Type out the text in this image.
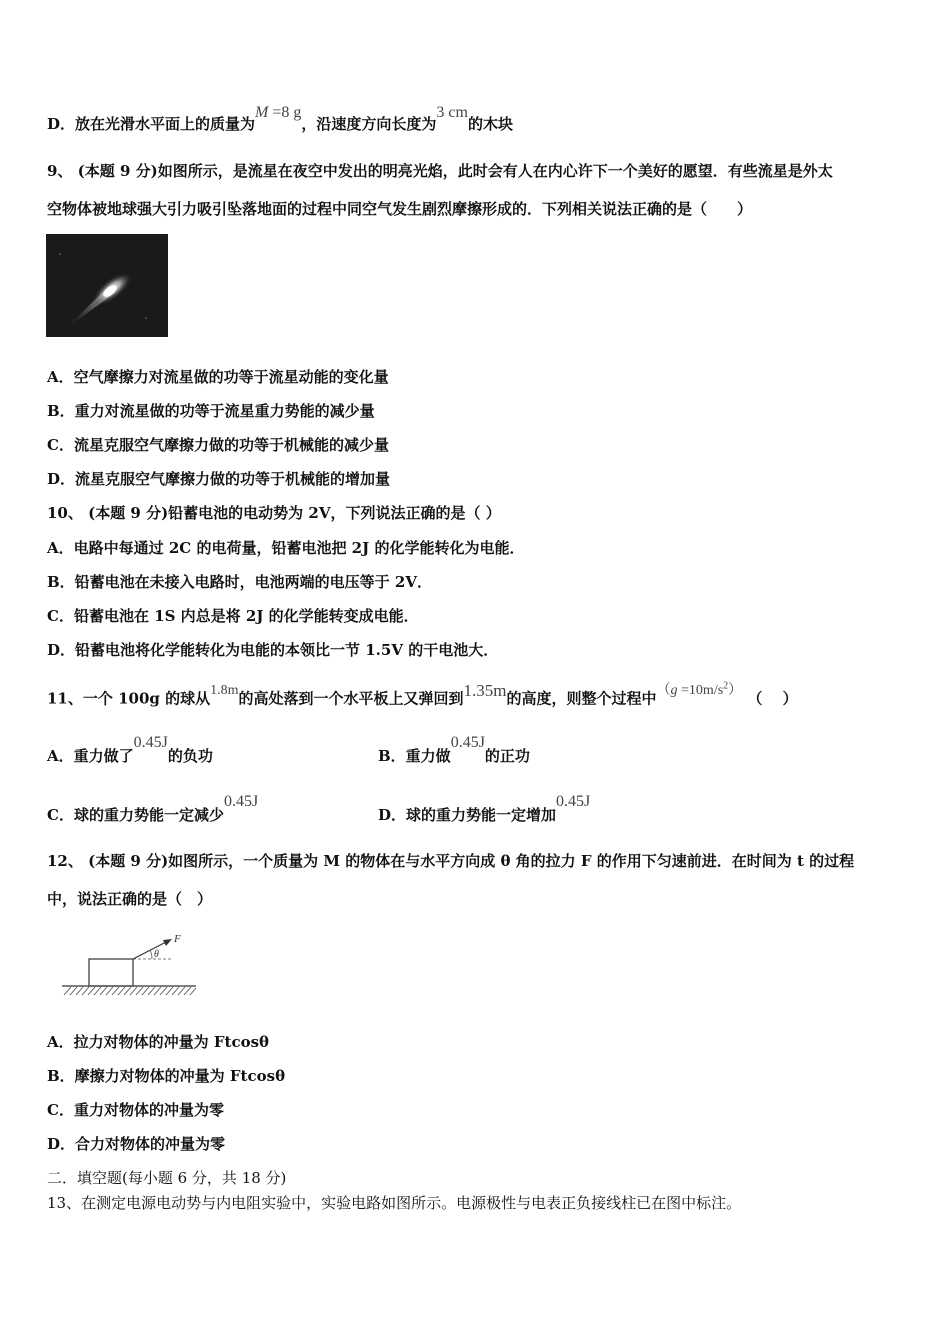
D．放在光滑水平面上的质量为M =8 g，沿速度方向长度为3 cm的木块
9、 (本题 9 分)如图所示，是流星在夜空中发出的明亮光焰，此时会有人在内心许下一个美好的愿望．有些流星是外太
空物体被地球强大引力吸引坠落地面的过程中同空气发生剧烈摩擦形成的．下列相关说法正确的是（　　）
A．空气摩擦力对流星做的功等于流星动能的变化量
B．重力对流星做的功等于流星重力势能的减少量
C．流星克服空气摩擦力做的功等于机械能的减少量
D．流星克服空气摩擦力做的功等于机械能的增加量
10、 (本题 9 分)铅蓄电池的电动势为 2V，下列说法正确的是（ ）
A．电路中每通过 2C 的电荷量，铅蓄电池把 2J 的化学能转化为电能．
B．铅蓄电池在未接入电路时，电池两端的电压等于 2V．
C．铅蓄电池在 1S 内总是将 2J 的化学能转变成电能．
D．铅蓄电池将化学能转化为电能的本领比一节 1.5V 的干电池大．
11、一个 100g 的球从1.8m的高处落到一个水平板上又弹回到1.35m的高度，则整个过程中$(g =10m/s^2)$ （　 ）
A．重力做了0.45J的负功	B．重力做0.45J的正功
C．球的重力势能一定减少0.45J
D．球的重力势能一定增加0.45J
12、 (本题 9 分)如图所示，一个质量为 M 的物体在与水平方向成 θ 角的拉力 F 的作用下匀速前进．在时间为 t 的过程
中，说法正确的是（　）
θ
F
A．拉力对物体的冲量为 Ftcosθ
B．摩擦力对物体的冲量为 Ftcosθ
C．重力对物体的冲量为零
D．合力对物体的冲量为零
二．填空题(每小题 6 分，共 18 分)
13、在测定电源电动势与内电阻实验中，实验电路如图所示。电源极性与电表正负接线柱已在图中标注。
